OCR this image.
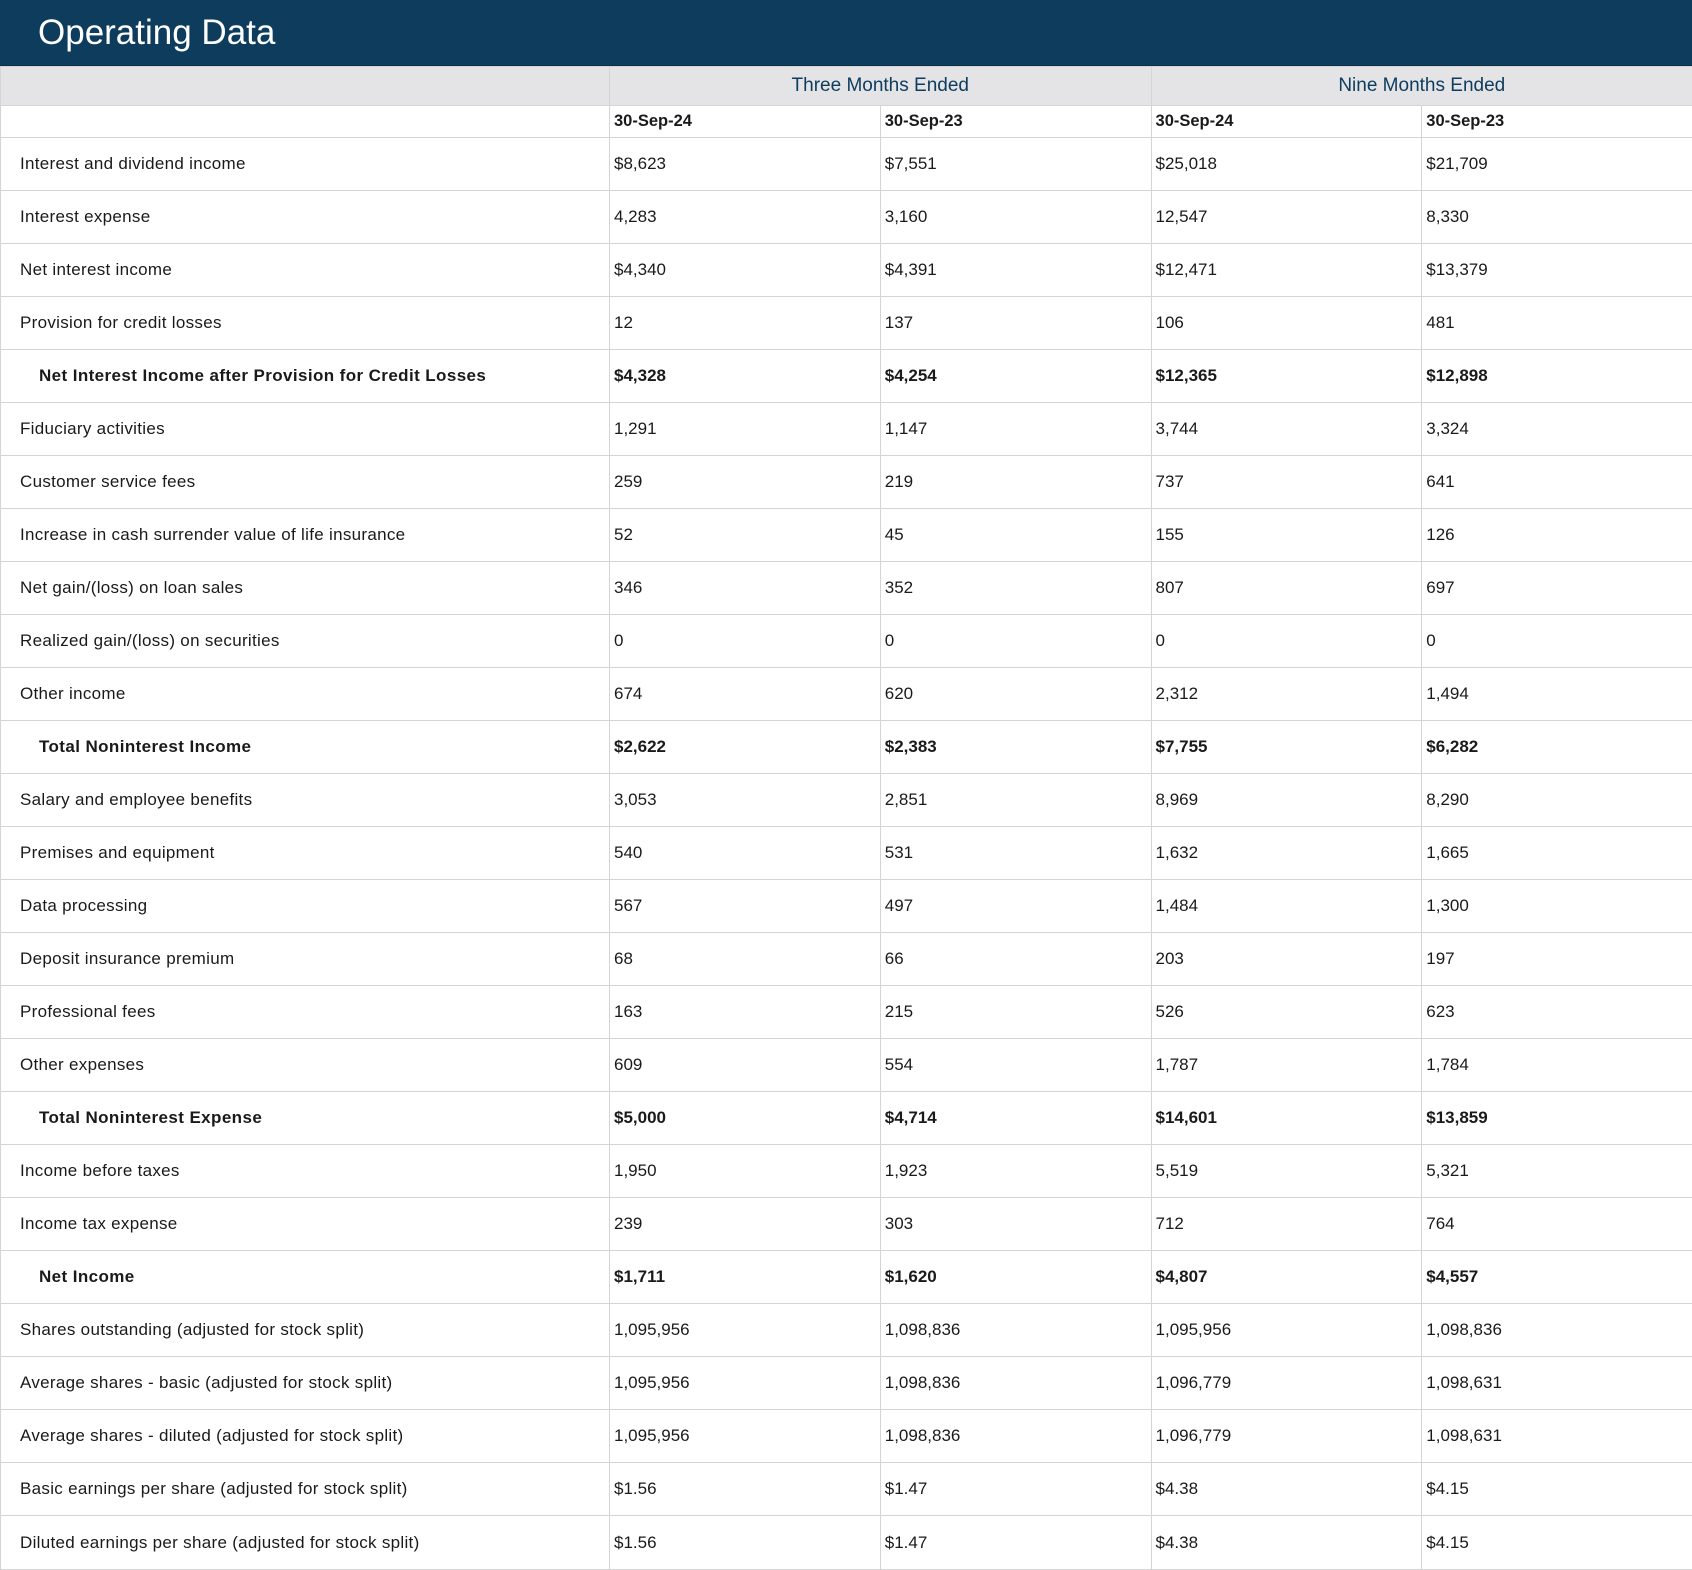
Operating Data
	Three Months Ended		Nine Months Ended	
	30-Sep-24	30-Sep-23	30-Sep-24	30-Sep-23
Interest and dividend income	$8,623	$7,551	$25,018	$21,709
Interest expense	4,283	3,160	12,547	8,330
Net interest income	$4,340	$4,391	$12,471	$13,379
Provision for credit losses	12	137	106	481
Net Interest Income after Provision for Credit Losses	$4,328	$4,254	$12,365	$12,898
Fiduciary activities	1,291	1,147	3,744	3,324
Customer service fees	259	219	737	641
Increase in cash surrender value of life insurance	52	45	155	126
Net gain/(loss) on loan sales	346	352	807	697
Realized gain/(loss) on securities	0	0	0	0
Other income	674	620	2,312	1,494
Total Noninterest Income	$2,622	$2,383	$7,755	$6,282
Salary and employee benefits	3,053	2,851	8,969	8,290
Premises and equipment	540	531	1,632	1,665
Data processing	567	497	1,484	1,300
Deposit insurance premium	68	66	203	197
Professional fees	163	215	526	623
Other expenses	609	554	1,787	1,784
Total Noninterest Expense	$5,000	$4,714	$14,601	$13,859
Income before taxes	1,950	1,923	5,519	5,321
Income tax expense	239	303	712	764
Net Income	$1,711	$1,620	$4,807	$4,557
Shares outstanding (adjusted for stock split)	1,095,956	1,098,836	1,095,956	1,098,836
Average shares - basic (adjusted for stock split)	1,095,956	1,098,836	1,096,779	1,098,631
Average shares - diluted (adjusted for stock split)	1,095,956	1,098,836	1,096,779	1,098,631
Basic earnings per share (adjusted for stock split)	$1.56	$1.47	$4.38	$4.15
Diluted earnings per share (adjusted for stock split)	$1.56	$1.47	$4.38	$4.15
